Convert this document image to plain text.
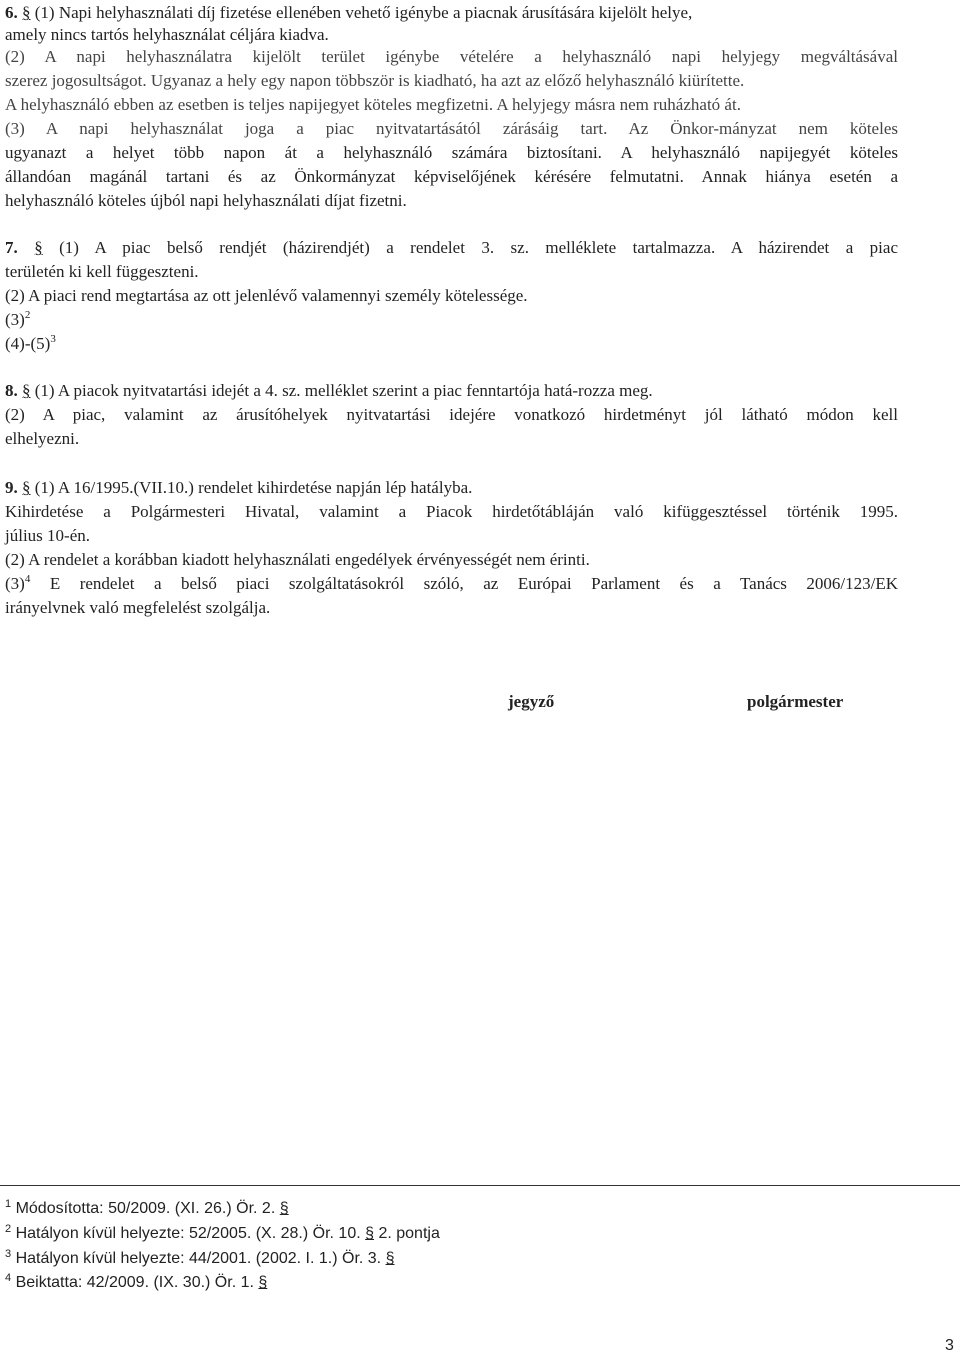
6. § (1) Napi helyhasználati díj fizetése ellenében vehető igénybe a piacnak árusítására kijelölt helye,
amely nincs tartós helyhasználat céljára kiadva.
(2) A napi helyhasználatra kijelölt terület igénybe vételére a helyhasználó napi helyjegy megváltásával
szerez jogosultságot. Ugyanaz a hely egy napon többször is kiadható, ha azt az előző helyhasználó kiürítette.
A helyhasználó ebben az esetben is teljes napijegyet köteles megfizetni. A helyjegy másra nem ruházható át.
(3) A napi helyhasználat joga a piac nyitvatartásától zárásáig tart. Az Önkor-mányzat nem köteles
ugyanazt a helyet több napon át a helyhasználó számára biztosítani. A helyhasználó napijegyét köteles
állandóan magánál tartani és az Önkormányzat képviselőjének kérésére felmutatni. Annak hiánya esetén a
helyhasználó köteles újból napi helyhasználati díjat fizetni.
7. § (1) A piac belső rendjét (házirendjét) a rendelet 3. sz. melléklete tartalmazza. A házirendet a piac
területén ki kell függeszteni.
(2) A piaci rend megtartása az ott jelenlévő valamennyi személy kötelessége.
$(3)^2$
$(4)-(5)^3$
8. § (1) A piacok nyitvatartási idejét a 4. sz. melléklet szerint a piac fenntartója hatá-rozza meg.
(2) A piac, valamint az árusítóhelyek nyitvatartási idejére vonatkozó hirdetményt jól látható módon kell
elhelyezni.
9. § (1) A 16/1995.(VII.10.) rendelet kihirdetése napján lép hatályba.
Kihirdetése a Polgármesteri Hivatal, valamint a Piacok hirdetőtábláján való kifüggesztéssel történik 1995.
július 10-én.
(2) A rendelet a korábban kiadott helyhasználati engedélyek érvényességét nem érinti.
$(3)^4$ E rendelet a belső piaci szolgáltatásokról szóló, az Európai Parlament és a Tanács 2006/123/EK
irányelvnek való megfelelést szolgálja.
jegyző	polgármester
$^1$ Módosította: 50/2009. (XI. 26.) Ör. 2. §
$^2$ Hatályon kívül helyezte: 52/2005. (X. 28.) Ör. 10. § 2. pontja
$^3$ Hatályon kívül helyezte: 44/2001. (2002. I. 1.) Ör. 3. §
$^4$ Beiktatta: 42/2009. (IX. 30.) Ör. 1. §
3
